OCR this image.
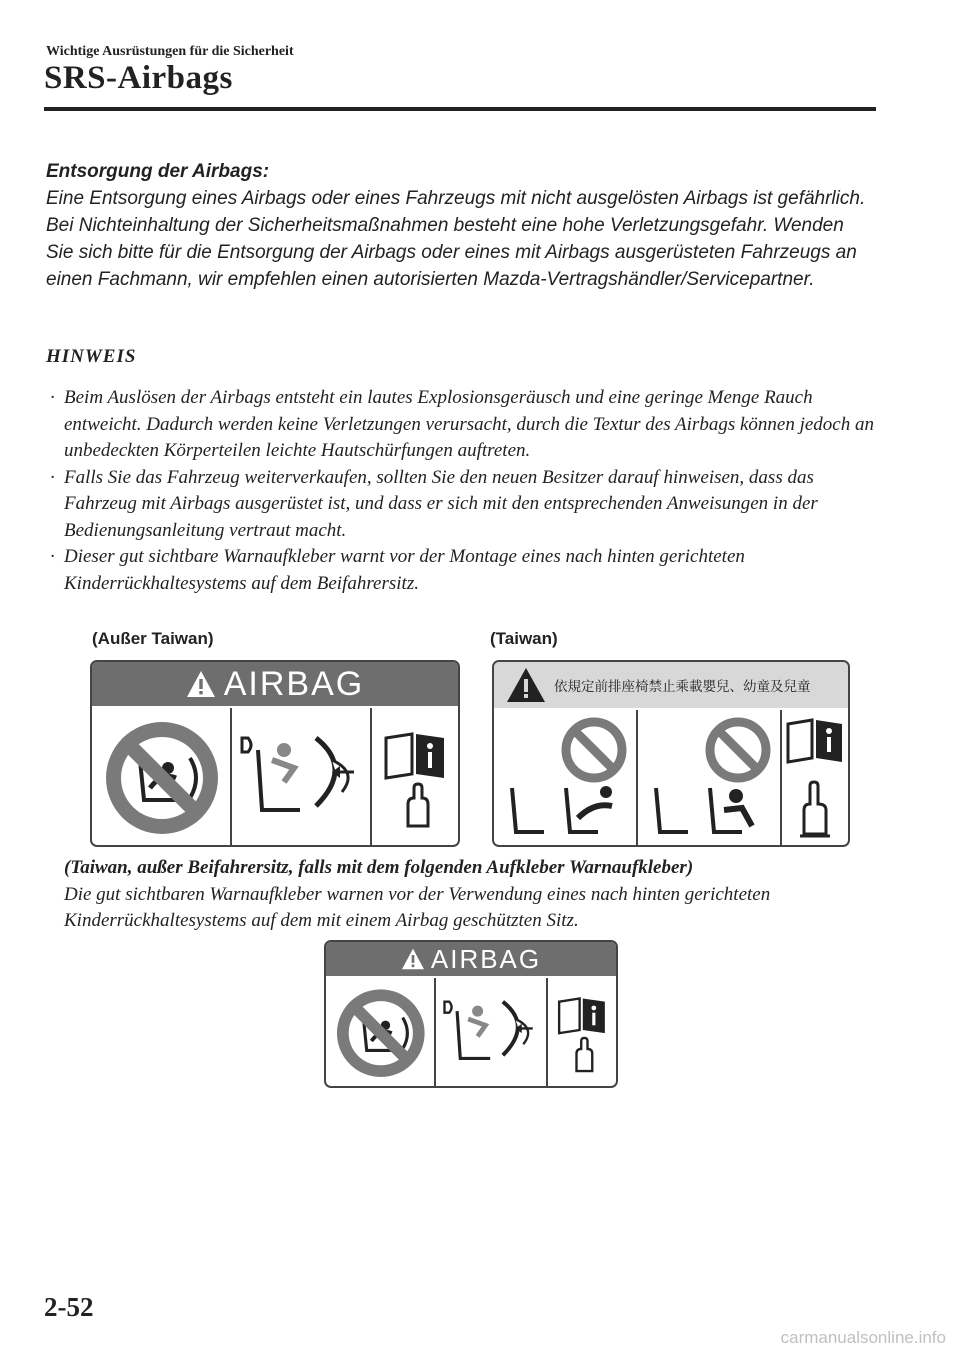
Wichtige Ausrüstungen für die Sicherheit
SRS-Airbags
Entsorgung der Airbags:
Eine Entsorgung eines Airbags oder eines Fahrzeugs mit nicht ausgelösten Airbags ist gefährlich. Bei Nichteinhaltung der Sicherheitsmaßnahmen besteht eine hohe Verletzungsgefahr. Wenden Sie sich bitte für die Entsorgung der Airbags oder eines mit Airbags ausgerüsteten Fahrzeugs an einen Fachmann, wir empfehlen einen autorisierten Mazda-Vertragshändler/Servicepartner.
HINWEIS
· Beim Auslösen der Airbags entsteht ein lautes Explosionsgeräusch und eine geringe Menge Rauch entweicht. Dadurch werden keine Verletzungen verursacht, durch die Textur des Airbags können jedoch an unbedeckten Körperteilen leichte Hautschürfungen auftreten.
· Falls Sie das Fahrzeug weiterverkaufen, sollten Sie den neuen Besitzer darauf hinweisen, dass das Fahrzeug mit Airbags ausgerüstet ist, und dass er sich mit den entsprechenden Anweisungen in der Bedienungsanleitung vertraut macht.
· Dieser gut sichtbare Warnaufkleber warnt vor der Montage eines nach hinten gerichteten Kinderrückhaltesystems auf dem Beifahrersitz.
(Außer Taiwan)	(Taiwan)
AIRBAG	依規定前排座椅禁止乘載嬰兒、幼童及兒童
(Taiwan, außer Beifahrersitz, falls mit dem folgenden Aufkleber Warnaufkleber)
Die gut sichtbaren Warnaufkleber warnen vor der Verwendung eines nach hinten gerichteten Kinderrückhaltesystems auf dem mit einem Airbag geschützten Sitz.
AIRBAG
2-52
carmanualsonline.info
